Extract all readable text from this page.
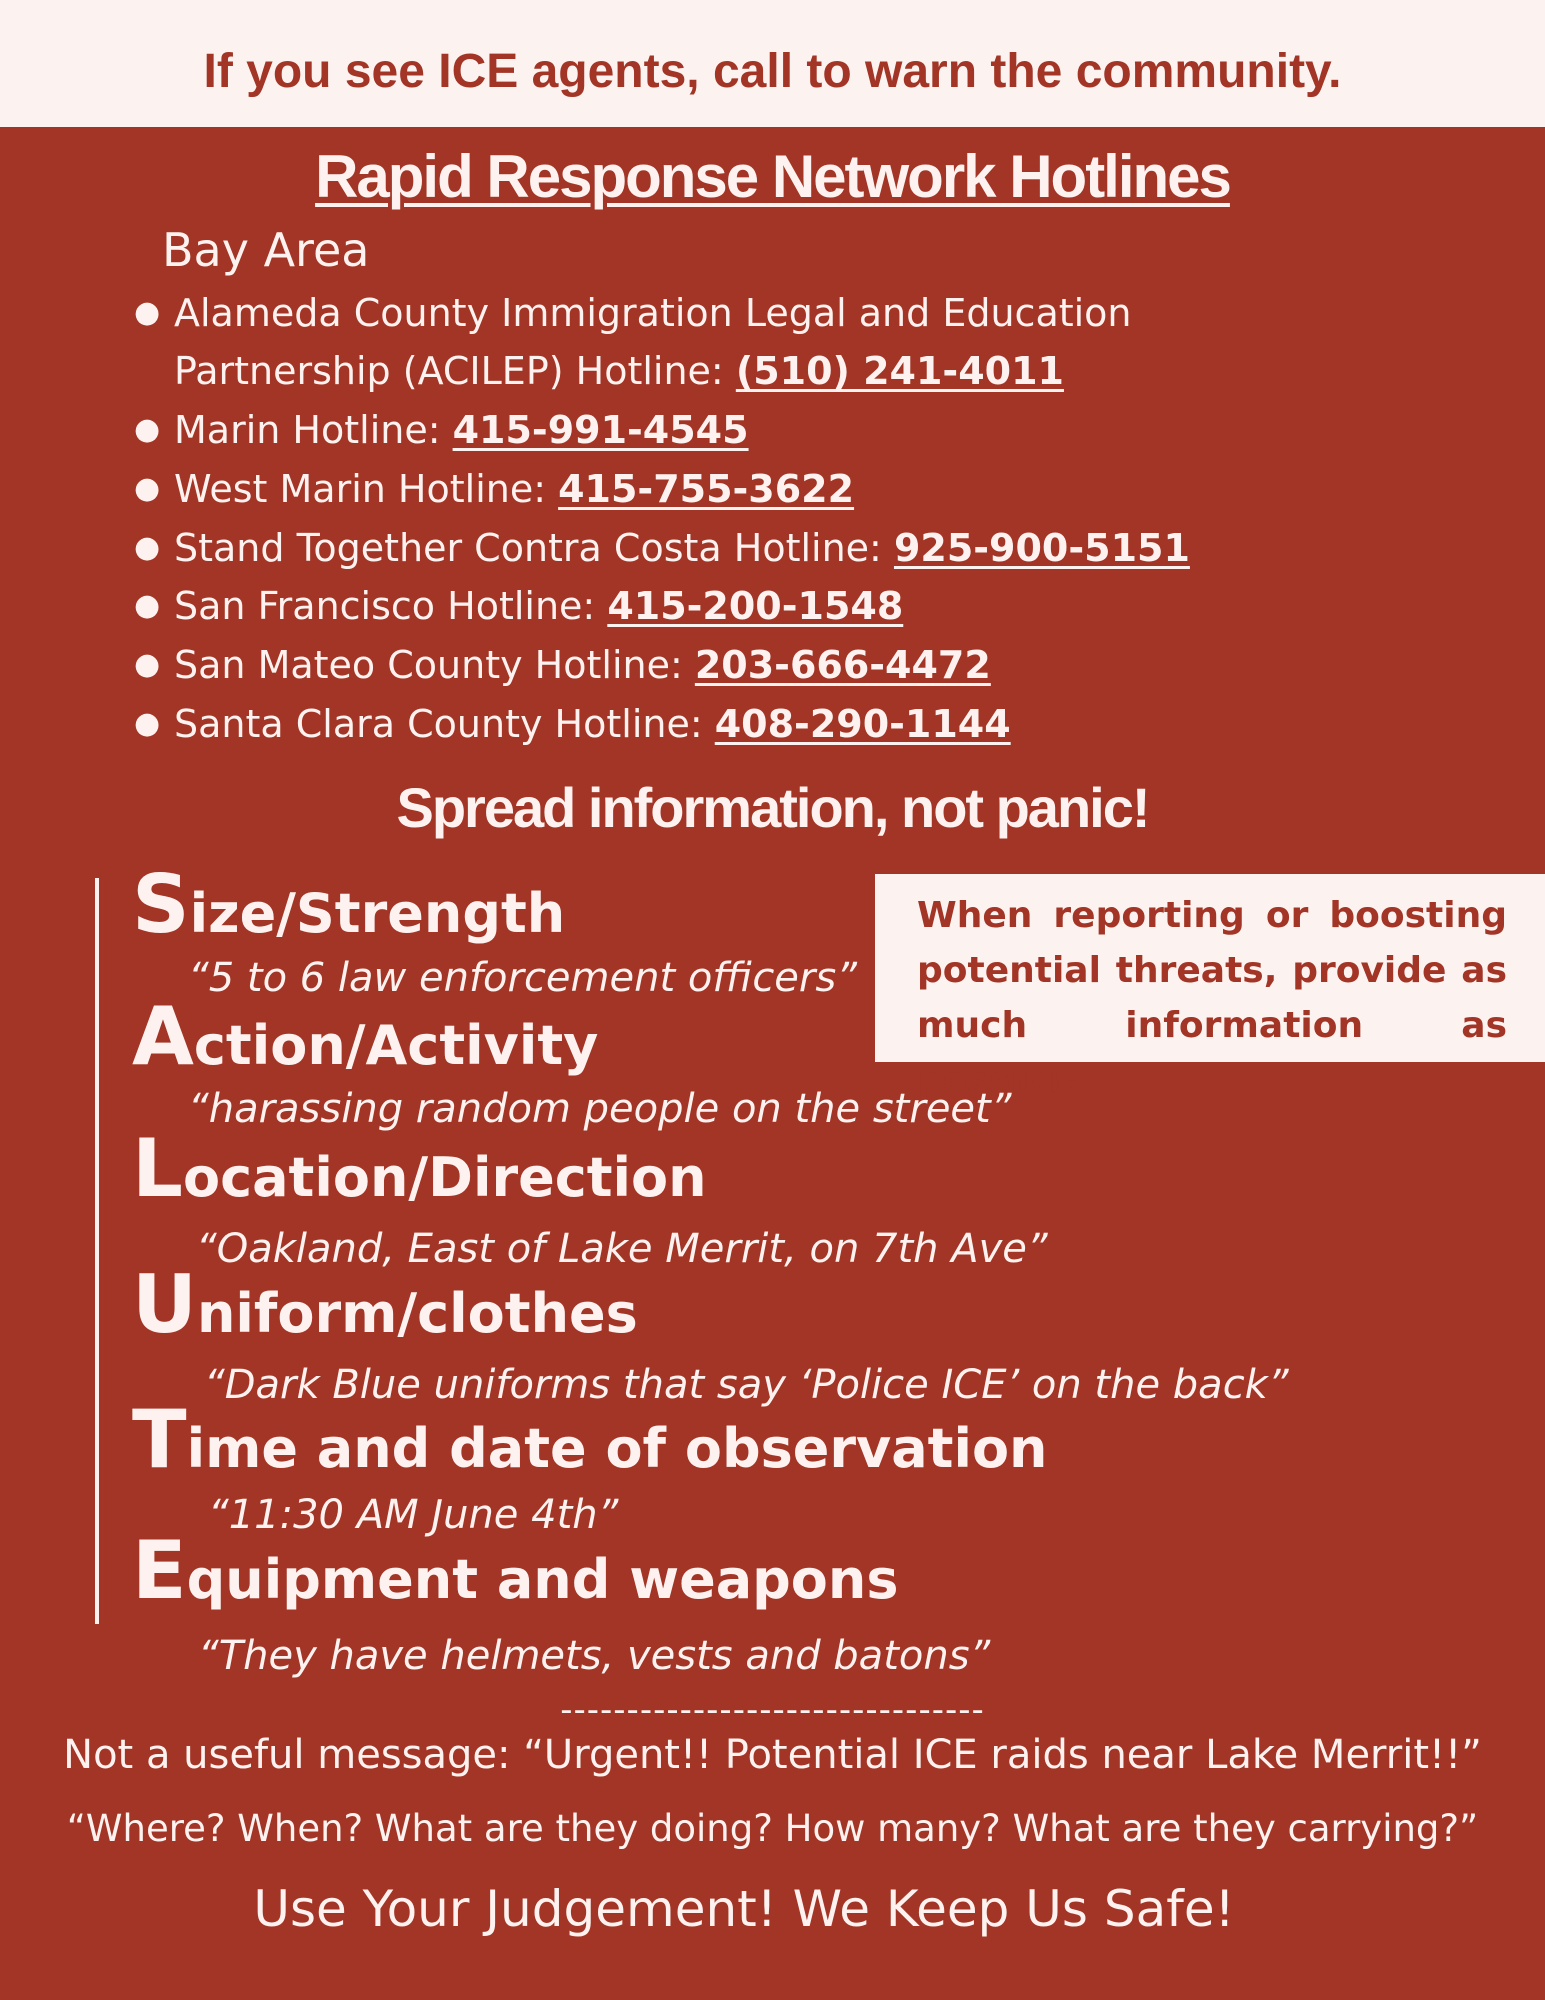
If you see ICE agents, call to warn the community.
Rapid Response Network Hotlines
Bay Area
● Alameda County Immigration Legal and Education
Partnership (ACILEP) Hotline: (510) 241-4011
● Marin Hotline: 415-991-4545
● West Marin Hotline: 415-755-3622
● Stand Together Contra Costa Hotline: 925-900-5151
● San Francisco Hotline: 415-200-1548
● San Mateo County Hotline: 203-666-4472
● Santa Clara County Hotline: 408-290-1144
Spread information, not panic!
Size/Strength
“5 to 6 law enforcement officers”
Action/Activity
“harassing random people on the street”
Location/Direction
“Oakland, East of Lake Merrit, on 7th Ave”
Uniform/clothes
“Dark Blue uniforms that say ‘Police ICE’ on the back”
Time and date of observation
“11:30 AM June 4th”
Equipment and weapons
“They have helmets, vests and batons”
When reporting or boosting
potential threats, provide as
much information as possible
--------------------------------
Not a useful message: “Urgent!! Potential ICE raids near Lake Merrit!!”
“Where? When? What are they doing? How many? What are they carrying?”
Use Your Judgement! We Keep Us Safe!
